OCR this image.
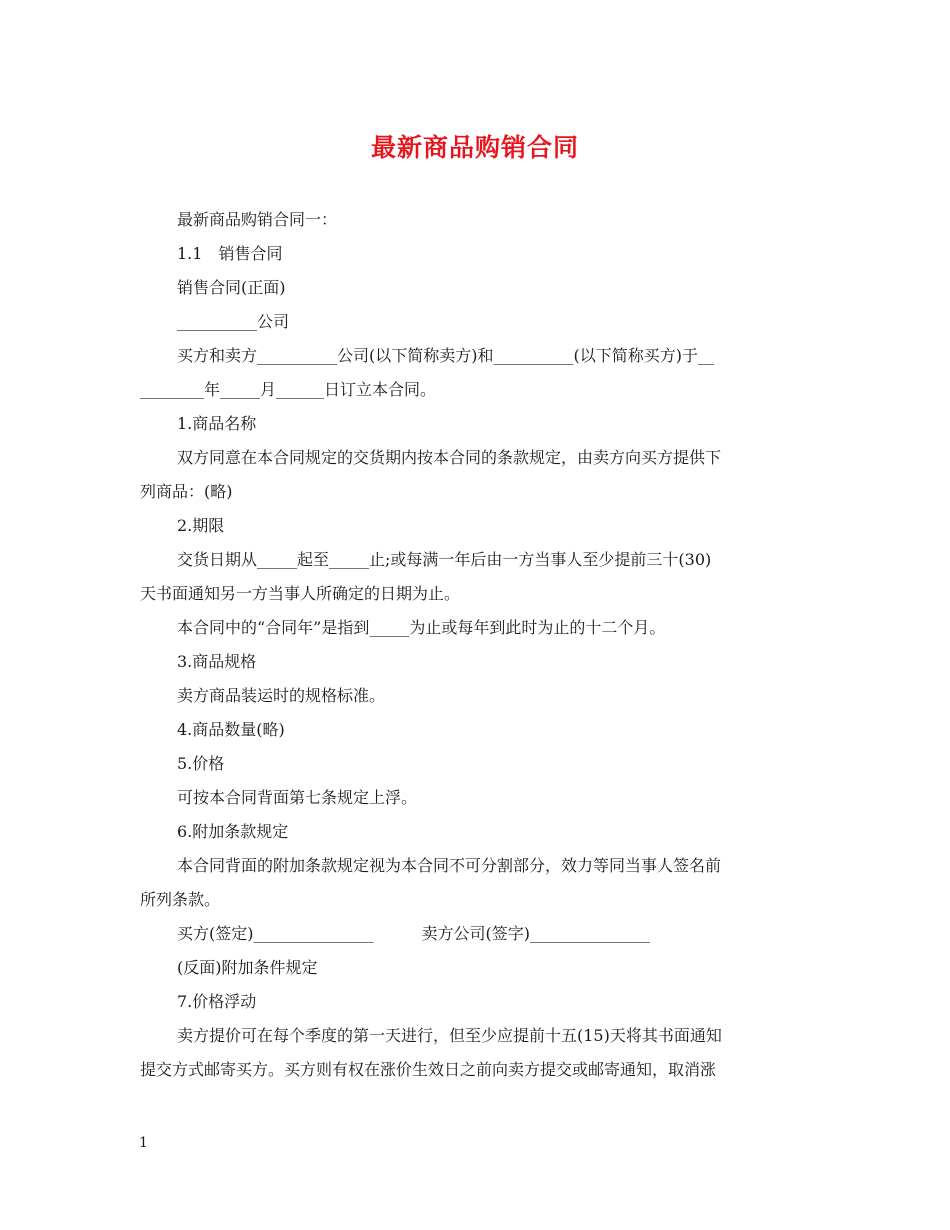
最新商品购销合同

最新商品购销合同一：

1.1　销售合同

销售合同(正面)

__________公司

买方和卖方__________公司(以下简称卖方)和__________(以下简称买方)于__

________年_____月______日订立本合同。

1.商品名称

双方同意在本合同规定的交货期内按本合同的条款规定，由卖方向买方提供下

列商品：(略)

2.期限

交货日期从_____起至_____止;或每满一年后由一方当事人至少提前三十(30)

天书面通知另一方当事人所确定的日期为止。

本合同中的“合同年”是指到_____为止或每年到此时为止的十二个月。

3.商品规格

卖方商品装运时的规格标准。

4.商品数量(略)

5.价格

可按本合同背面第七条规定上浮。

6.附加条款规定

本合同背面的附加条款规定视为本合同不可分割部分，效力等同当事人签名前

所列条款。

买方(签定)_______________　　　卖方公司(签字)_______________

(反面)附加条件规定

7.价格浮动

卖方提价可在每个季度的第一天进行，但至少应提前十五(15)天将其书面通知

提交方式邮寄买方。买方则有权在涨价生效日之前向卖方提交或邮寄通知，取消涨

1
